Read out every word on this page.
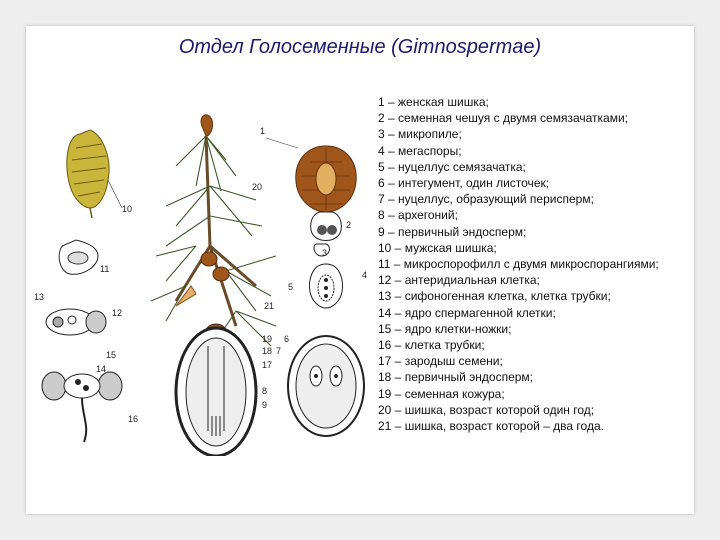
Отдел Голосеменные (Gimnospermae)
1
20
10
2
3
11
4
5
12
13
21
15
14
19
18
17
6
7
8
9
16
1 – женская шишка;
2 – семенная чешуя с двумя семязачатками;
3 – микропиле;
4 – мегаспоры;
5 – нуцеллус семязачатка;
6 – интегумент, один листочек;
7 – нуцеллус, образующий перисперм;
8 – архегоний;
9 – первичный эндосперм;
10 – мужская шишка;
11 – микроспорофилл с двумя микроспорангиями;
12 – антеридиальная клетка;
13 – сифоногенная клетка, клетка трубки;
14 – ядро спермагенной клетки;
15 – ядро клетки-ножки;
16 – клетка трубки;
17 – зародыш семени;
18 – первичный эндосперм;
19 – семенная кожура;
20 – шишка, возраст которой один год;
21 – шишка, возраст которой – два года.
